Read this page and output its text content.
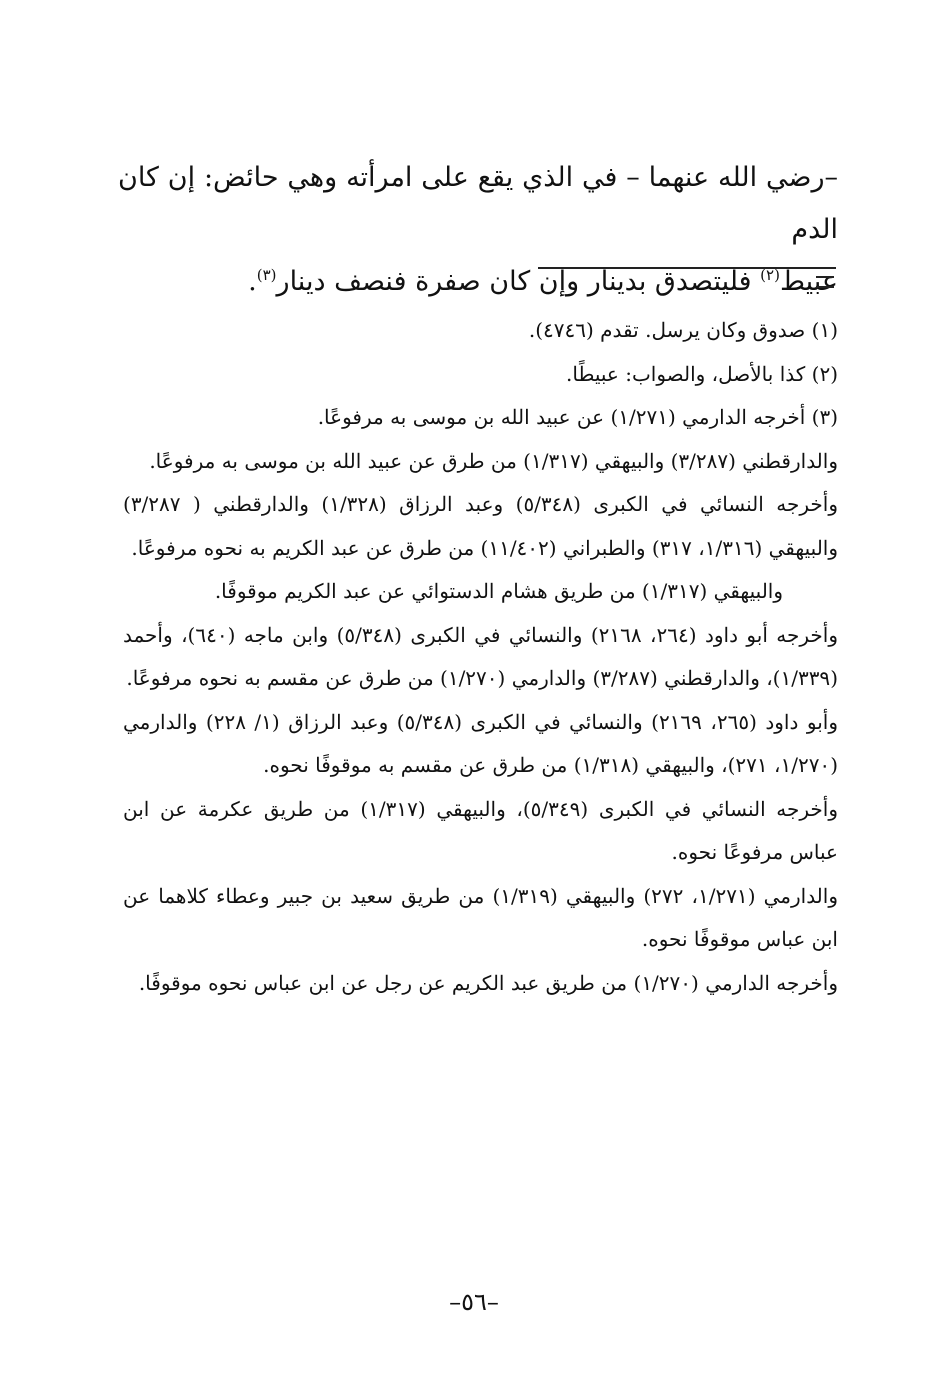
–رضي الله عنهما – في الذي يقع على امرأته وهي حائض: إن كان الدم

عبيط$^{(٢)}$ فليتصدق بدينار وإن كان صفرة فنصف دينار$^{(٣)}$.

(١) صدوق وكان يرسل. تقدم (٤٧٤٦).

(٢) كذا بالأصل، والصواب: عبيطًا.

(٣) أخرجه الدارمي (١/٢٧١) عن عبيد الله بن موسى به مرفوعًا.

والدارقطني (٣/٢٨٧) والبيهقي (١/٣١٧) من طرق عن عبيد الله بن موسى به مرفوعًا.

وأخرجه النسائي في الكبرى (٥/٣٤٨) وعبد الرزاق (١/٣٢٨) والدارقطني ( ٣/٢٨٧) والبيهقي (١/٣١٦، ٣١٧) والطبراني (١١/٤٠٢) من طرق عن عبد الكريم به نحوه مرفوعًا.

والبيهقي (١/٣١٧) من طريق هشام الدستوائي عن عبد الكريم موقوفًا.

وأخرجه أبو داود (٢٦٤، ٢١٦٨) والنسائي في الكبرى (٥/٣٤٨) وابن ماجه (٦٤٠)، وأحمد (١/٣٣٩)، والدارقطني (٣/٢٨٧) والدارمي (١/٢٧٠) من طرق عن مقسم به نحوه مرفوعًا.

وأبو داود (٢٦٥، ٢١٦٩) والنسائي في الكبرى (٥/٣٤٨) وعبد الرزاق (١/ ٢٢٨) والدارمي (١/٢٧٠، ٢٧١)، والبيهقي (١/٣١٨) من طرق عن مقسم به موقوفًا نحوه.

وأخرجه النسائي في الكبرى (٥/٣٤٩)، والبيهقي (١/٣١٧) من طريق عكرمة عن ابن عباس مرفوعًا نحوه.

والدارمي (١/٢٧١، ٢٧٢) والبيهقي (١/٣١٩) من طريق سعيد بن جبير وعطاء كلاهما عن ابن عباس موقوفًا نحوه.

وأخرجه الدارمي (١/٢٧٠) من طريق عبد الكريم عن رجل عن ابن عباس نحوه موقوفًا.

–٥٦–
